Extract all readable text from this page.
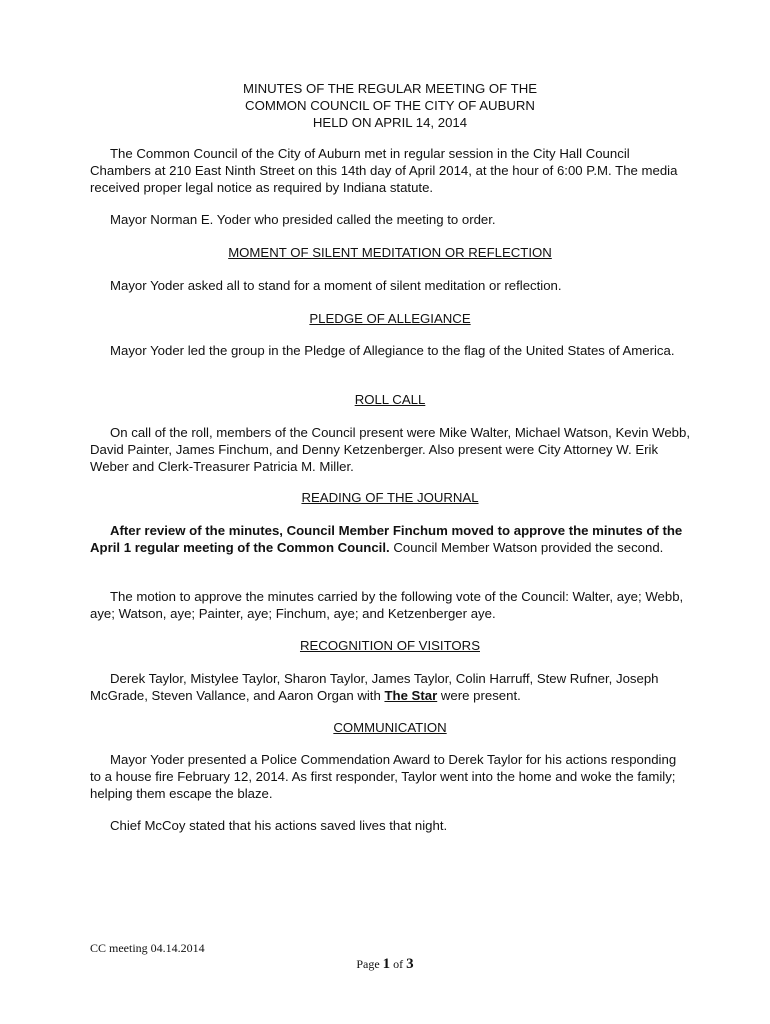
MINUTES OF THE REGULAR MEETING OF THE
COMMON COUNCIL OF THE CITY OF AUBURN
HELD ON APRIL 14, 2014

The Common Council of the City of Auburn met in regular session in the City Hall Council Chambers at 210 East Ninth Street on this 14th day of April 2014, at the hour of 6:00 P.M. The media received proper legal notice as required by Indiana statute.

Mayor Norman E. Yoder who presided called the meeting to order.

MOMENT OF SILENT MEDITATION OR REFLECTION

Mayor Yoder asked all to stand for a moment of silent meditation or reflection.

PLEDGE OF ALLEGIANCE

Mayor Yoder led the group in the Pledge of Allegiance to the flag of the United States of America.

ROLL CALL

On call of the roll, members of the Council present were Mike Walter, Michael Watson, Kevin Webb, David Painter, James Finchum, and Denny Ketzenberger. Also present were City Attorney W. Erik Weber and Clerk-Treasurer Patricia M. Miller.

READING OF THE JOURNAL

After review of the minutes, Council Member Finchum moved to approve the minutes of the April 1 regular meeting of the Common Council. Council Member Watson provided the second.

The motion to approve the minutes carried by the following vote of the Council: Walter, aye; Webb, aye; Watson, aye; Painter, aye; Finchum, aye; and Ketzenberger aye.

RECOGNITION OF VISITORS

Derek Taylor, Mistylee Taylor, Sharon Taylor, James Taylor, Colin Harruff, Stew Rufner, Joseph McGrade, Steven Vallance, and Aaron Organ with The Star were present.

COMMUNICATION

Mayor Yoder presented a Police Commendation Award to Derek Taylor for his actions responding to a house fire February 12, 2014. As first responder, Taylor went into the home and woke the family; helping them escape the blaze.

Chief McCoy stated that his actions saved lives that night.

CC meeting 04.14.2014
Page 1 of 3
